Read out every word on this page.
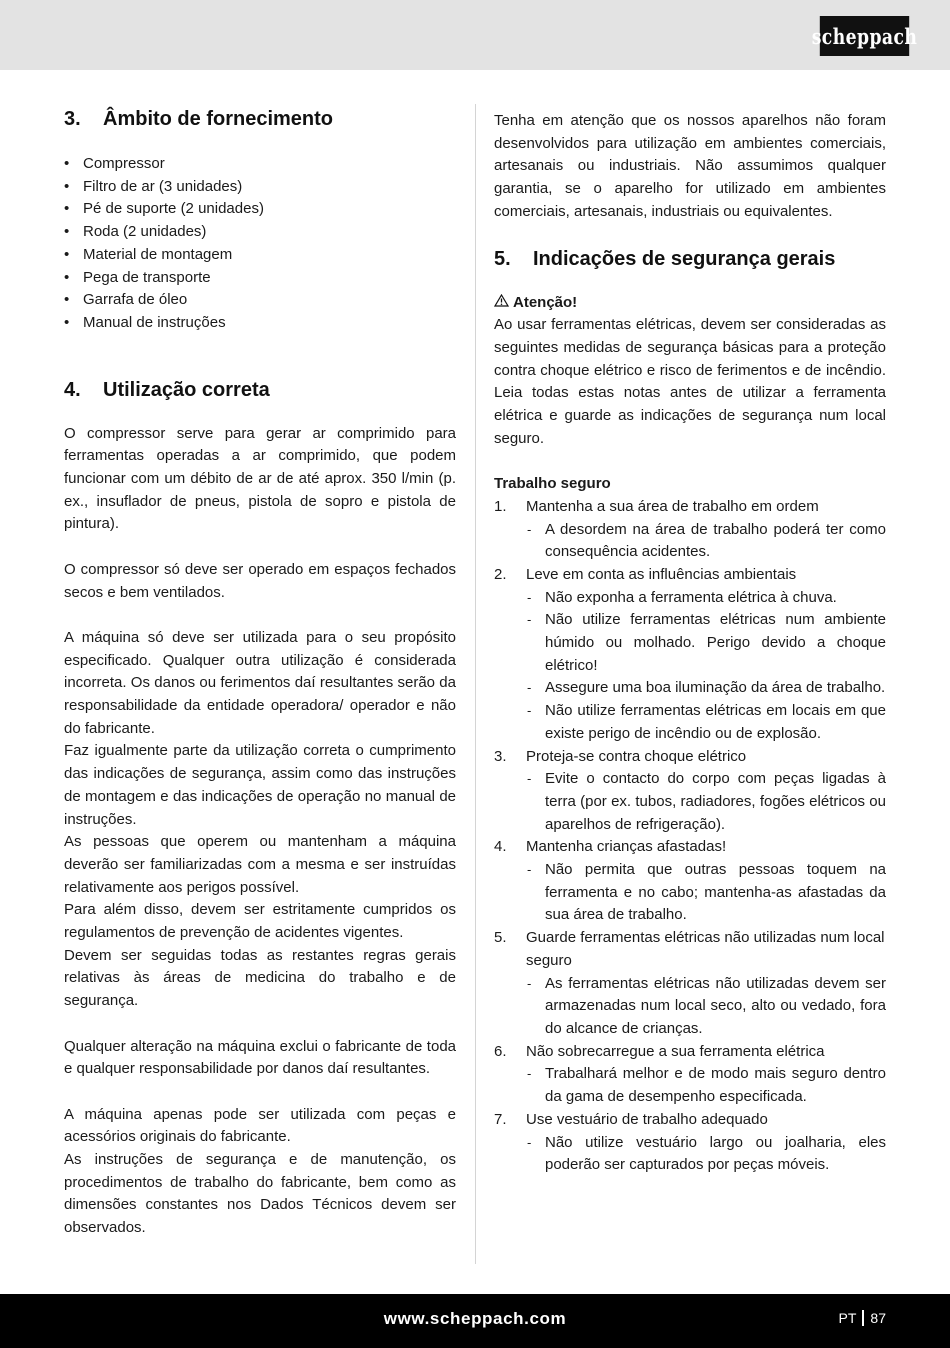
scheppach
3.	Âmbito de fornecimento
• Compressor
• Filtro de ar (3 unidades)
• Pé de suporte (2 unidades)
• Roda (2 unidades)
• Material de montagem
• Pega de transporte
• Garrafa de óleo
• Manual de instruções
4.	Utilização correta

O compressor serve para gerar ar comprimido para ferramentas operadas a ar comprimido, que podem funcionar com um débito de ar de até aprox. 350 l/min (p. ex., insuflador de pneus, pistola de sopro e pistola de pintura).

O compressor só deve ser operado em espaços fechados secos e bem ventilados.

A máquina só deve ser utilizada para o seu propósito especificado. Qualquer outra utilização é considerada incorreta. Os danos ou ferimentos daí resultantes serão da responsabilidade da entidade operadora/ operador e não do fabricante.

Faz igualmente parte da utilização correta o cumprimento das indicações de segurança, assim como das instruções de montagem e das indicações de operação no manual de instruções.

As pessoas que operem ou mantenham a máquina deverão ser familiarizadas com a mesma e ser instruídas relativamente aos perigos possível.

Para além disso, devem ser estritamente cumpridos os regulamentos de prevenção de acidentes vigentes.

Devem ser seguidas todas as restantes regras gerais relativas às áreas de medicina do trabalho e de segurança.

Qualquer alteração na máquina exclui o fabricante de toda e qualquer responsabilidade por danos daí resultantes.

A máquina apenas pode ser utilizada com peças e acessórios originais do fabricante.

As instruções de segurança e de manutenção, os procedimentos de trabalho do fabricante, bem como as dimensões constantes nos Dados Técnicos devem ser observados.

Tenha em atenção que os nossos aparelhos não foram desenvolvidos para utilização em ambientes comerciais, artesanais ou industriais. Não assumimos qualquer garantia, se o aparelho for utilizado em ambientes comerciais, artesanais, industriais ou equivalentes.

5.	Indicações de segurança gerais
Atenção!

Ao usar ferramentas elétricas, devem ser consideradas as seguintes medidas de segurança básicas para a proteção contra choque elétrico e risco de ferimentos e de incêndio. Leia todas estas notas antes de utilizar a ferramenta elétrica e guarde as indicações de segurança num local seguro.

Trabalho seguro
1. Mantenha a sua área de trabalho em ordem
- A desordem na área de trabalho poderá ter como consequência acidentes.
2. Leve em conta as influências ambientais
- Não exponha a ferramenta elétrica à chuva.
- Não utilize ferramentas elétricas num ambiente húmido ou molhado. Perigo devido a choque elétrico!
- Assegure uma boa iluminação da área de trabalho.
- Não utilize ferramentas elétricas em locais em que existe perigo de incêndio ou de explosão.
3. Proteja-se contra choque elétrico
- Evite o contacto do corpo com peças ligadas à terra (por ex. tubos, radiadores, fogões elétricos ou aparelhos de refrigeração).
4. Mantenha crianças afastadas!
- Não permita que outras pessoas toquem na ferramenta e no cabo; mantenha-as afastadas da sua área de trabalho.
5. Guarde ferramentas elétricas não utilizadas num local seguro
- As ferramentas elétricas não utilizadas devem ser armazenadas num local seco, alto ou vedado, fora do alcance de crianças.
6. Não sobrecarregue a sua ferramenta elétrica
- Trabalhará melhor e de modo mais seguro dentro da gama de desempenho especificada.
7. Use vestuário de trabalho adequado
- Não utilize vestuário largo ou joalharia, eles poderão ser capturados por peças móveis.
www.scheppach.com	PT 87
